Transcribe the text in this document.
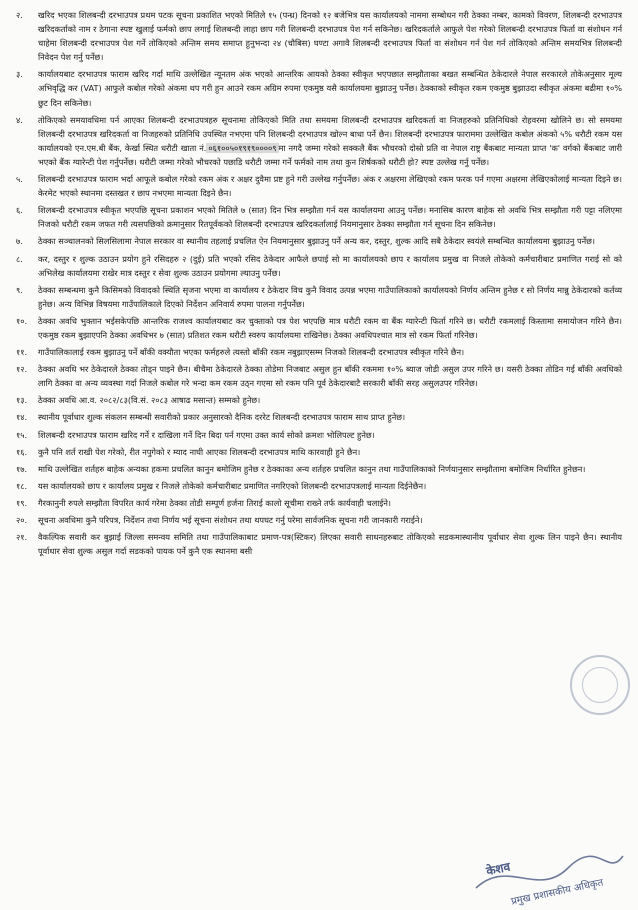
२.	खरिद भएका शिलबन्दी दरभाउपत्र प्रथम पटक सूचना प्रकाशित भएको मितिले १५ (पन्ध्र) दिनको १२ बजेभित्र यस कार्यालयको नाममा सम्बोधन गरी ठेक्का नम्बर, कामको विवरण, शिलबन्दी दरभाउपत्र खरिदकर्ताको नाम र ठेगाना स्पष्ट खुलाई फर्मको छाप लगाई शिलबन्दी लाहा छाप गरी शिलबन्दी दरभाउपत्र पेश गर्न सकिनेछ। खरिदकर्ताले आफुले पेश गरेको शिलबन्दी दरभाउपत्र फिर्ता वा संशोधन गर्न चाहेमा शिलबन्दी दरभाउपत्र पेश गर्ने तोकिएको अन्तिम समय समाप्त हुनुभन्दा २४ (चौबिस) घण्टा अगावै शिलबन्दी दरभाउपत्र फिर्ता वा संशोधन गर्न पेश गर्न तोकिएको अन्तिम समयभित्र शिलबन्दी निवेदन पेश गर्नु पर्नेछ।
३.	कार्यालयबाट दरभाउपत्र फाराम खरिद गर्दा माथि उल्लेखित न्यूनतम अंक भएको आन्तरिक आयको ठेक्का स्वीकृत भएपछात सम्झौताका बखत सम्बन्धित ठेकेदारले नेपाल सरकारले तोकेअनुसार मूल्य अभिवृद्धि कर (VAT) आफुले कबोल गरेको अंकमा थप गरी हुन आउने रकम अग्रिम रुपमा एकमुष्ठ यसै कार्यालयमा बुझाउनु पर्नेछ। ठेक्काको स्वीकृत रकम एकमुष्ठ बुझाउदा स्वीकृत अंकमा बढीमा १०% छुट दिन सकिनेछ।
४.	तोकिएको समयावधिमा पर्न आएका शिलबन्दी दरभाउपत्रहरु सूचनामा तोकिएको मिति तथा समयमा शिलबन्दी दरभाउपत्र खरिदकर्ता वा निजहरुको प्रतिनिधिको रोहवरमा खोलिने छ। सो समयमा शिलबन्दी दरभाउपत्र खरिदकर्ता वा निजहरुको प्रतिनिधि उपस्थित नभएमा पनि शिलबन्दी दरभाउपत्र खोल्न बाधा पर्ने छैन। शिलबन्दी दरभाउपत्र फाराममा उल्लेखित कबोल अंकको ५% धरौटी रकम यस कार्यालयको एन.एम.बी बैंक, केर्खा स्थित धरौटी खाता नं. ०६१००५०१९१९००००९ मा नगदै जम्मा गरेको सक्कलै बैंक भौचरको दोस्रो प्रति वा नेपाल राष्ट्र बैंकबाट मान्यता प्राप्त 'क' वर्गको बैंकबाट जारी भएको बैंक ग्यारेन्टी पेश गर्नुपर्नेछ। धरौटी जम्मा गरेको भौचरको पछाडि धरौटी जम्मा गर्ने फर्मको नाम तथा कुन शिर्षकको धरौटी हो? स्पष्ट उल्लेख गर्नु पर्नेछ।
५.	शिलबन्दी दरभाउपत्र फाराम भर्दा आफूले कबोल गरेको रकम अंक र अक्षर दुवैमा प्रष्ट हुने गरी उल्लेख गर्नुपर्नेछ। अंक र अक्षरमा लेखिएको रकम फरक पर्न गएमा अक्षरमा लेखिएकोलाई मान्यता दिइने छ। केरमेट भएको स्थानमा दस्तखत र छाप नभएमा मान्यता दिइने छैन।
६.	शिलबन्दी दरभाउपत्र स्वीकृत भएपछि सूचना प्रकाशन भएको मितिले ७ (सात) दिन भित्र सम्झौता गर्न यस कार्यालयमा आउनु पर्नेछ। मनासिब कारण बाहेक सो अवधि भित्र सम्झौता गरी पट्टा नलिएमा निजको धरौटी रकम जफत गरी त्यसपछिको क्रमानुसार रितपूर्वकको शिलबन्दी दरभाउपत्र खरिदकर्तालाई नियमानुसार ठेक्का सम्झौता गर्न सूचना दिन सकिनेछ।
७.	ठेक्का सञ्चालनको सिलसिलामा नेपाल सरकार वा स्थानीय तहलाई प्रचलित ऐन नियमानुसार बुझाउनु पर्ने अन्य कर, दस्तुर, शुल्क आदि सबै ठेकेदार स्वयंले सम्बन्धित कार्यालयमा बुझाउनु पर्नेछ।
८.	कर, दस्तुर र शुल्क उठाउन प्रयोग हुने रसिदहरु २ (दुई) प्रति भएको रसिद ठेकेदार आफैले छपाई सो मा कार्यालयको छाप र कार्यालय प्रमुख वा निजले तोकेको कर्मचारीबाट प्रमाणित गराई सो को अभिलेख कार्यालयमा राखेर मात्र दस्तुर र सेवा शुल्क उठाउन प्रयोगमा ल्याउनु पर्नेछ।
९.	ठेक्का सम्बन्धमा कुनै किसिमको विवादको स्थिति सृजना भएमा वा कार्यालय र ठेकेदार विच कुनै विवाद उत्पन्न भएमा गाउँपालिकाको कार्यालयको निर्णय अन्तिम हुनेछ र सो निर्णय मान्नु ठेकेदारको कर्तव्य हुनेछ। अन्य विभिन्न विषयमा गाउँपालिकाले दिएको निर्देशन अनिवार्य रुपमा पालना गर्नुपर्नेछ।
१०.	ठेक्का अवधि भुक्तान भईसकेपछि आन्तरिक राजश्व कार्यालयबाट कर चुक्ताको पत्र पेश भएपछि मात्र धरौटी रकम वा बैंक ग्यारेन्टी फिर्ता गरिने छ। धरौटी रकमलाई किस्तामा समायोजन गरिने छैन। एकमुष्ठ रकम बुझाएपनि ठेक्का अवधिभर ७ (सात) प्रतिशत रकम धरौटी स्वरुप कार्यालयमा राखिनेछ। ठेक्का अवधिपश्चात मात्र सो रकम फिर्ता गरिनेछ।
११.	गाउँपालिकालाई रकम बुझाउनु पर्ने बाँकी वक्यौता भएका फर्महरुले त्यस्तो बाँकी रकम नबुझाएसम्म निजको शिलबन्दी दरभाउपत्र स्वीकृत गरिने छैन।
१२.	ठेक्का अवधि भर ठेकेदारले ठेक्का तोड्न पाइने छैन। बीचैमा ठेकेदारले ठेक्का तोडेमा निजबाट असुल हुन बाँकी रकममा १०% ब्याज जोडी असुल उपर गरिने छ। यसरी ठेक्का तोडिन गई बाँकी अवधिको लागि ठेक्का वा अन्य व्यवस्था गर्दा निजले कबोल गरे भन्दा कम रकम उठ्न गएमा सो रकम पनि पूर्व ठेकेदारबाटै सरकारी बाँकी सरह असुलउपर गरिनेछ।
१३.	ठेक्का अवधि आ.व. २०८२/८३(वि.सं. २०८३ आषाढ मसान्त) सम्मको हुनेछ।
१४.	स्थानीय पूर्वाधार शुल्क संकलन सम्बन्धी सवारीको प्रकार अनुसारको दैनिक दररेट शिलबन्दी दरभाउपत्र फाराम साथ प्राप्त हुनेछ।
१५.	शिलबन्दी दरभाउपत्र फाराम खरिद गर्ने र दाखिला गर्ने दिन बिदा पर्न गएमा उक्त कार्य सोको क्रमशः भोलिपल्ट हुनेछ।
१६.	कुनै पनि शर्त राखी पेश गरेको, रीत नपुगेको र म्याद नाघी आएका शिलबन्दी दरभाउपत्र माथि कारवाही हुने छैन।
१७.	माथि उल्लेखित शर्तहरु बाहेक अन्यका हकमा प्रचलित कानुन बमोजिम हुनेछ र ठेक्काका अन्य शर्तहरु प्रचलित कानुन तथा गाउँपालिकाको निर्णयानुसार सम्झौतामा बमोजिम निर्धारित हुनेछन।
१८.	यस कार्यालयको छाप र कार्यालय प्रमुख र निजले तोकेको कर्मचारीबाट प्रमाणित नगरिएको शिलबन्दी दरभाउपत्रलाई मान्यता दिईनेछैन।
१९.	गैरकानुनी रुपले सम्झौता विपरित कार्य गरेमा ठेक्का तोडी सम्पूर्ण हर्जना तिराई कालो सूचीमा राख्ने तर्फ कार्यवाही चलाईने।
२०.	सूचना अवधिमा कुनै परिपत्र, निर्देशन तथा निर्णय भई सूचना संशोधन तथा थपघट गर्नु परेमा सार्वजनिक सूचना गरी जानकारी गराईने।
२१.	वैकल्पिक सवारी कर बुझाई जिल्ला समन्वय समिति तथा गाउँपालिकाबाट प्रमाण-पत्र(स्टिकर) लिएका सवारी साधनहरुबाट तोकिएको सडकमास्थानीय पूर्वाधार सेवा शुल्क लिन पाइने छैन। स्थानीय पूर्वाधार सेवा शुल्क असुल गर्दा सडकको पायक पर्ने कुनै एक स्थानमा बसी
केशव
प्रमुख प्रशासकीय अधिकृत
